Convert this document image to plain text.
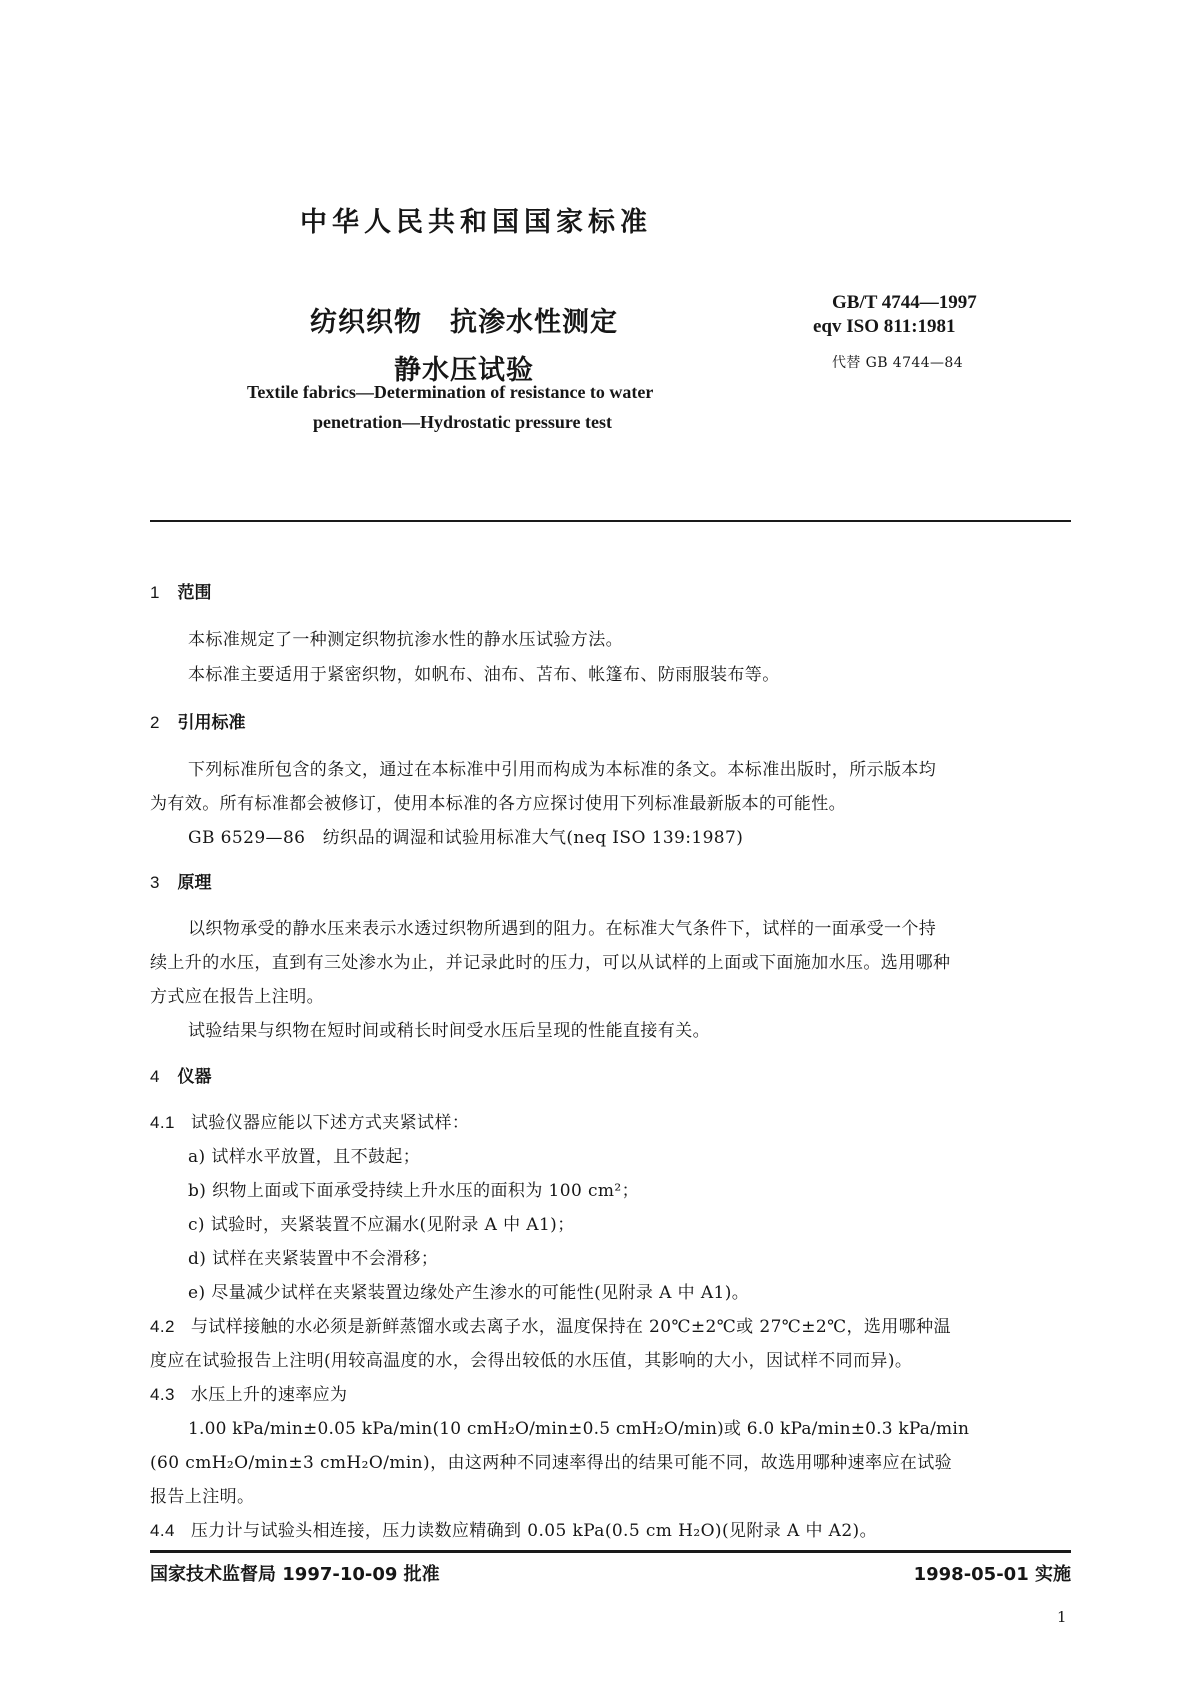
中华人民共和国国家标准
纺织织物　抗渗水性测定
静水压试验
GB/T 4744—1997
eqv ISO 811:1981
代替 GB 4744—84
Textile fabrics—Determination of resistance to water
penetration—Hydrostatic pressure test
1 范围
本标准规定了一种测定织物抗渗水性的静水压试验方法。
本标准主要适用于紧密织物，如帆布、油布、苫布、帐篷布、防雨服装布等。
2 引用标准
下列标准所包含的条文，通过在本标准中引用而构成为本标准的条文。本标准出版时，所示版本均
为有效。所有标准都会被修订，使用本标准的各方应探讨使用下列标准最新版本的可能性。
GB 6529—86　纺织品的调湿和试验用标准大气(neq ISO 139:1987)
3 原理
以织物承受的静水压来表示水透过织物所遇到的阻力。在标准大气条件下，试样的一面承受一个持
续上升的水压，直到有三处渗水为止，并记录此时的压力，可以从试样的上面或下面施加水压。选用哪种
方式应在报告上注明。
试验结果与织物在短时间或稍长时间受水压后呈现的性能直接有关。
4 仪器
4.1 试验仪器应能以下述方式夹紧试样：
a) 试样水平放置，且不鼓起；
b) 织物上面或下面承受持续上升水压的面积为 100 cm²；
c) 试验时，夹紧装置不应漏水(见附录 A 中 A1)；
d) 试样在夹紧装置中不会滑移；
e) 尽量减少试样在夹紧装置边缘处产生渗水的可能性(见附录 A 中 A1)。
4.2 与试样接触的水必须是新鲜蒸馏水或去离子水，温度保持在 20℃±2℃或 27℃±2℃，选用哪种温
度应在试验报告上注明(用较高温度的水，会得出较低的水压值，其影响的大小，因试样不同而异)。
4.3 水压上升的速率应为
1.00 kPa/min±0.05 kPa/min(10 cmH₂O/min±0.5 cmH₂O/min)或 6.0 kPa/min±0.3 kPa/min
(60 cmH₂O/min±3 cmH₂O/min)，由这两种不同速率得出的结果可能不同，故选用哪种速率应在试验
报告上注明。
4.4 压力计与试验头相连接，压力读数应精确到 0.05 kPa(0.5 cm H₂O)(见附录 A 中 A2)。
国家技术监督局 1997-10-09 批准	1998-05-01 实施
1
